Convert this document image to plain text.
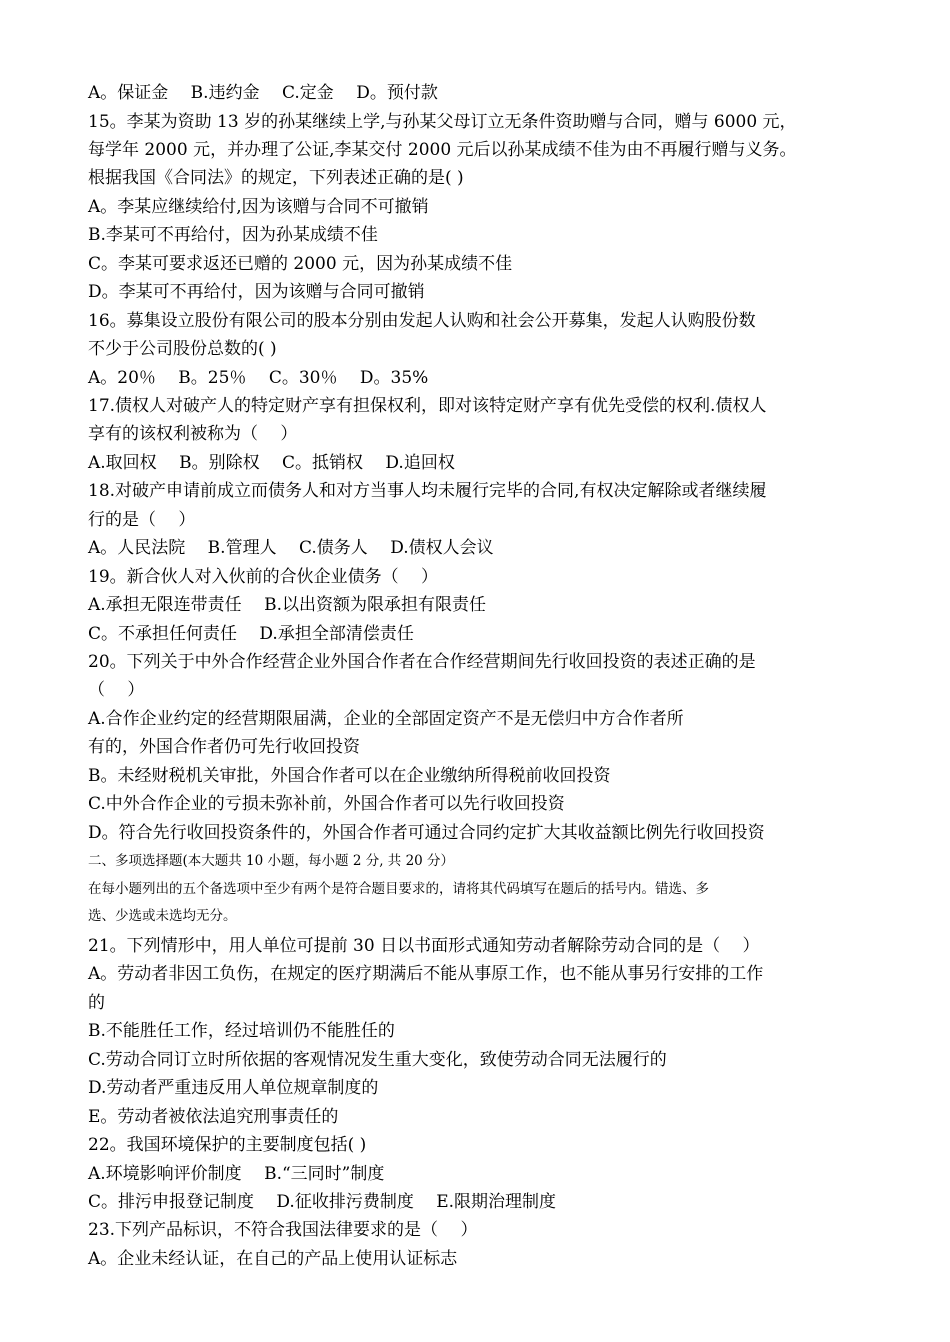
A。保证金　 B.违约金　 C.定金　 D。预付款
15。李某为资助 13 岁的孙某继续上学,与孙某父母订立无条件资助赠与合同，赠与 6000 元，
每学年 2000 元，并办理了公证,李某交付 2000 元后以孙某成绩不佳为由不再履行赠与义务。
根据我国《合同法》的规定，下列表述正确的是( )
A。李某应继续给付,因为该赠与合同不可撤销
B.李某可不再给付，因为孙某成绩不佳
C。李某可要求返还已赠的 2000 元，因为孙某成绩不佳
D。李某可不再给付，因为该赠与合同可撤销
16。募集设立股份有限公司的股本分别由发起人认购和社会公开募集，发起人认购股份数
不少于公司股份总数的( )
A。20％　 B。25％　 C。30％　 D。35%
17.债权人对破产人的特定财产享有担保权利，即对该特定财产享有优先受偿的权利.债权人
享有的该权利被称为（　 ）
A.取回权　 B。别除权　 C。抵销权　 D.追回权
18.对破产申请前成立而债务人和对方当事人均未履行完毕的合同,有权决定解除或者继续履
行的是（　 ）
A。人民法院　 B.管理人　 C.债务人　 D.债权人会议
19。新合伙人对入伙前的合伙企业债务（　 ）
A.承担无限连带责任　 B.以出资额为限承担有限责任
C。不承担任何责任　 D.承担全部清偿责任
20。下列关于中外合作经营企业外国合作者在合作经营期间先行收回投资的表述正确的是
（　 ）
A.合作企业约定的经营期限届满，企业的全部固定资产不是无偿归中方合作者所
有的，外国合作者仍可先行收回投资
B。未经财税机关审批，外国合作者可以在企业缴纳所得税前收回投资
C.中外合作企业的亏损未弥补前，外国合作者可以先行收回投资
D。符合先行收回投资条件的，外国合作者可通过合同约定扩大其收益额比例先行收回投资
二、多项选择题(本大题共 10 小题，每小题 2 分, 共 20 分）
在每小题列出的五个备选项中至少有两个是符合题目要求的，请将其代码填写在题后的括号内。错选、多
选、少选或未选均无分。
21。下列情形中，用人单位可提前 30 日以书面形式通知劳动者解除劳动合同的是（　 ）
A。劳动者非因工负伤，在规定的医疗期满后不能从事原工作，也不能从事另行安排的工作
的
B.不能胜任工作，经过培训仍不能胜任的
C.劳动合同订立时所依据的客观情况发生重大变化，致使劳动合同无法履行的
D.劳动者严重违反用人单位规章制度的
E。劳动者被依法追究刑事责任的
22。我国环境保护的主要制度包括( )
A.环境影响评价制度　 B.“三同时”制度
C。排污申报登记制度　 D.征收排污费制度　 E.限期治理制度
23.下列产品标识，不符合我国法律要求的是（　 ）
A。企业未经认证，在自己的产品上使用认证标志
